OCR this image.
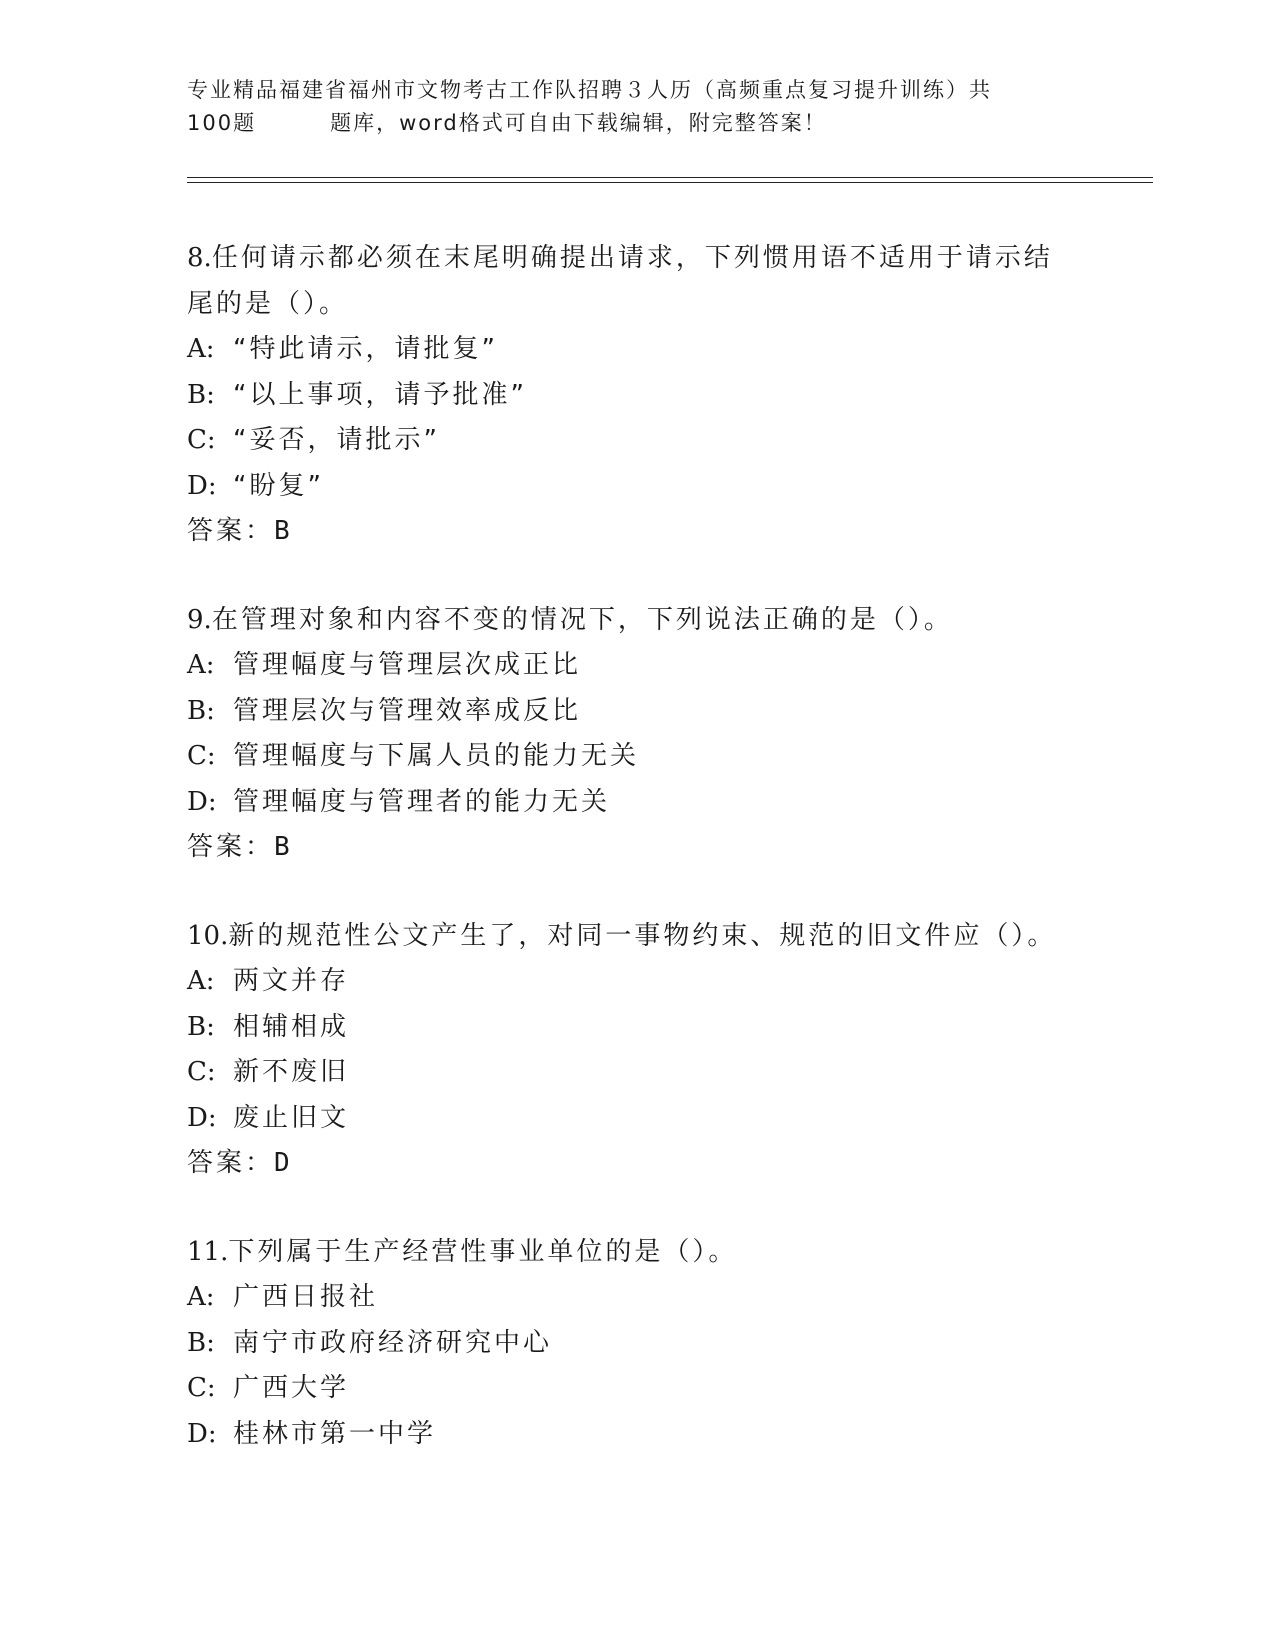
专业精品福建省福州市文物考古工作队招聘３人历（高频重点复习提升训练）共
100题	题库，word格式可自由下载编辑，附完整答案！
8.任何请示都必须在末尾明确提出请求，下列惯用语不适用于请示结
尾的是（）。
A: “特此请示，请批复”
B: “以上事项，请予批准”
C: “妥否，请批示”
D: “盼复”
答案：B
9.在管理对象和内容不变的情况下，下列说法正确的是（）。
A: 管理幅度与管理层次成正比
B: 管理层次与管理效率成反比
C: 管理幅度与下属人员的能力无关
D: 管理幅度与管理者的能力无关
答案：B
10.新的规范性公文产生了，对同一事物约束、规范的旧文件应（）。
A: 两文并存
B: 相辅相成
C: 新不废旧
D: 废止旧文
答案：D
11.下列属于生产经营性事业单位的是（）。
A: 广西日报社
B: 南宁市政府经济研究中心
C: 广西大学
D: 桂林市第一中学
